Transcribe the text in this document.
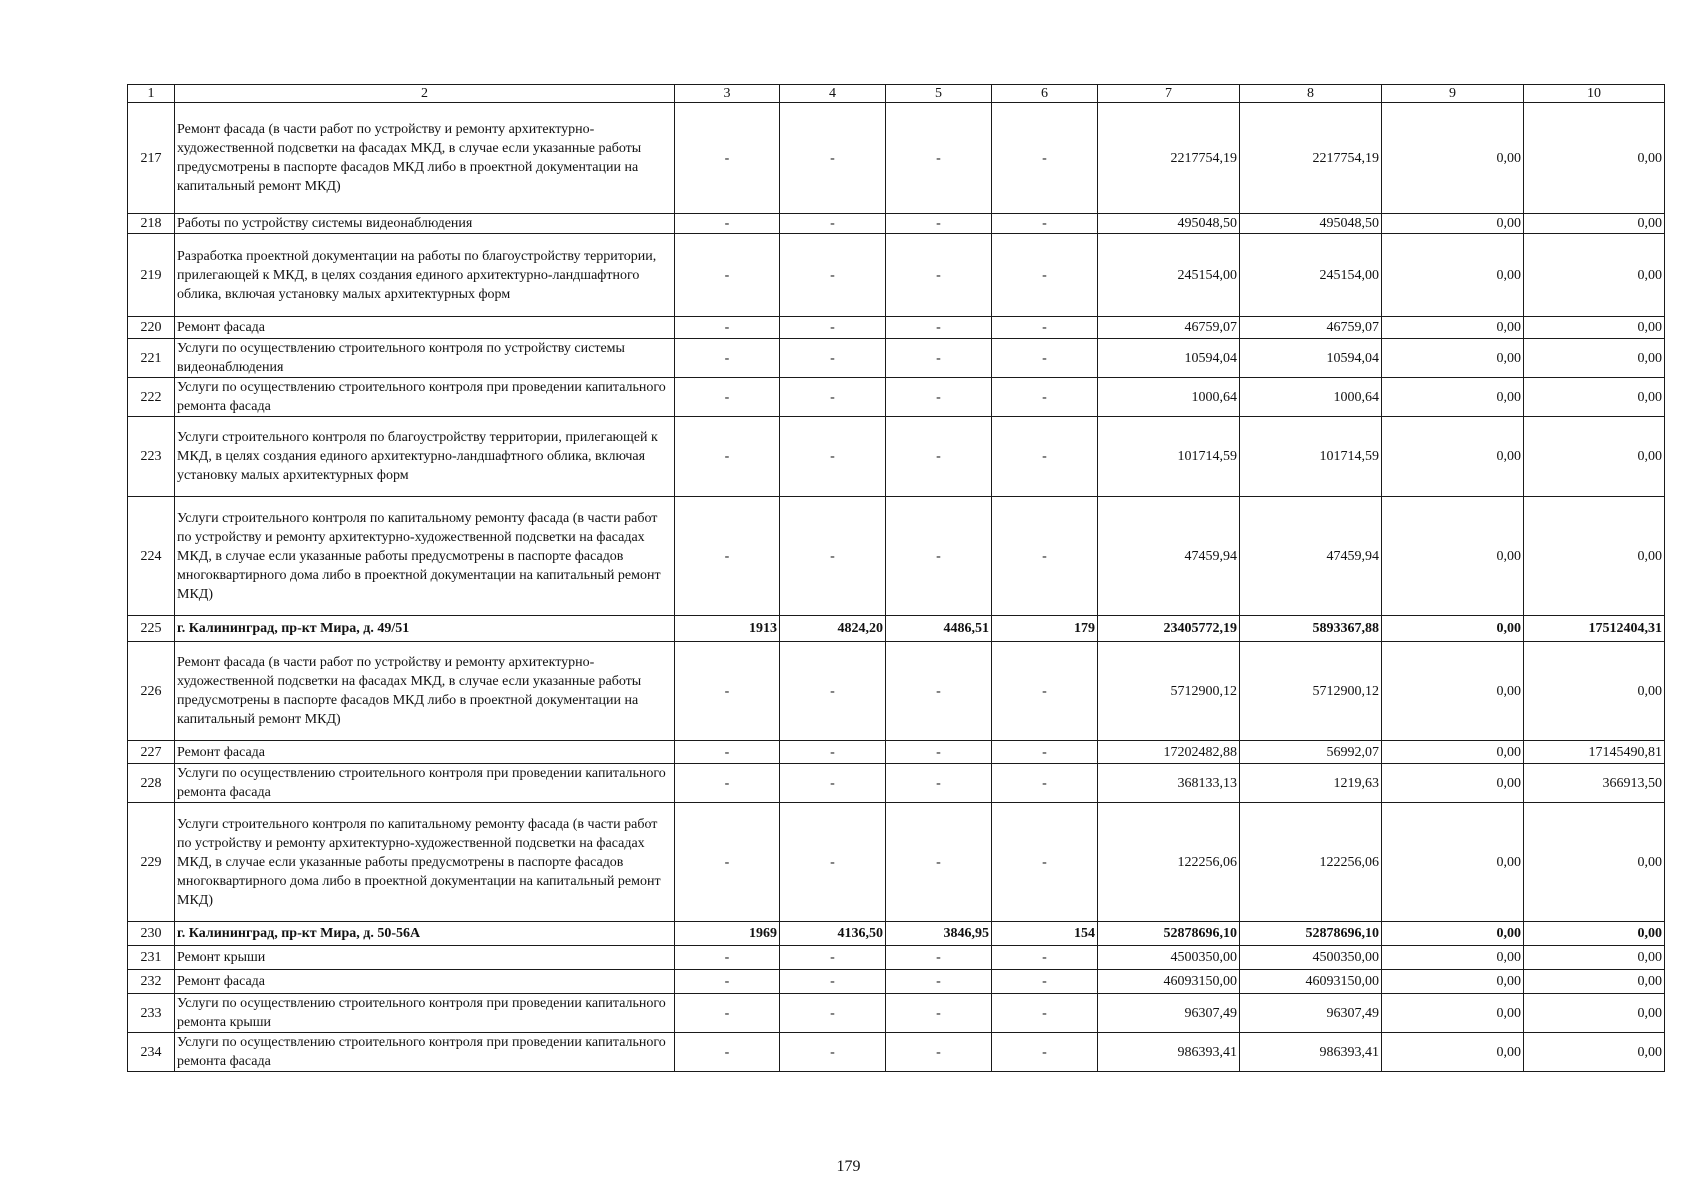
1	2	3	4	5	6	7	8	9	10
217	Ремонт фасада (в части работ по устройству и ремонту архитектурно-художественной подсветки на фасадах МКД, в случае если указанные работы предусмотрены в паспорте фасадов МКД либо в проектной документации на капитальный ремонт МКД)	-	-	-	-	2217754,19	2217754,19	0,00	0,00
218	Работы по устройству системы видеонаблюдения	-	-	-	-	495048,50	495048,50	0,00	0,00
219	Разработка проектной документации на работы по благоустройству территории, прилегающей к МКД, в целях создания единого архитектурно-ландшафтного облика, включая установку малых архитектурных форм	-	-	-	-	245154,00	245154,00	0,00	0,00
220	Ремонт фасада	-	-	-	-	46759,07	46759,07	0,00	0,00
221	Услуги по осуществлению строительного контроля по устройству системы видеонаблюдения	-	-	-	-	10594,04	10594,04	0,00	0,00
222	Услуги по осуществлению строительного контроля при проведении капитального ремонта фасада	-	-	-	-	1000,64	1000,64	0,00	0,00
223	Услуги строительного контроля по благоустройству территории, прилегающей к МКД, в целях создания единого архитектурно-ландшафтного облика, включая установку малых архитектурных форм	-	-	-	-	101714,59	101714,59	0,00	0,00
224	Услуги строительного контроля по капитальному ремонту фасада (в части работ по устройству и ремонту архитектурно-художественной подсветки на фасадах МКД, в случае если указанные работы предусмотрены в паспорте фасадов многоквартирного дома либо в проектной документации на капитальный ремонт МКД)	-	-	-	-	47459,94	47459,94	0,00	0,00
225	г. Калининград, пр-кт Мира, д. 49/51	1913	4824,20	4486,51	179	23405772,19	5893367,88	0,00	17512404,31
226	Ремонт фасада (в части работ по устройству и ремонту архитектурно-художественной подсветки на фасадах МКД, в случае если указанные работы предусмотрены в паспорте фасадов МКД либо в проектной документации на капитальный ремонт МКД)	-	-	-	-	5712900,12	5712900,12	0,00	0,00
227	Ремонт фасада	-	-	-	-	17202482,88	56992,07	0,00	17145490,81
228	Услуги по осуществлению строительного контроля при проведении капитального ремонта фасада	-	-	-	-	368133,13	1219,63	0,00	366913,50
229	Услуги строительного контроля по капитальному ремонту фасада (в части работ по устройству и ремонту архитектурно-художественной подсветки на фасадах МКД, в случае если указанные работы предусмотрены в паспорте фасадов многоквартирного дома либо в проектной документации на капитальный ремонт МКД)	-	-	-	-	122256,06	122256,06	0,00	0,00
230	г. Калининград, пр-кт Мира, д. 50-56А	1969	4136,50	3846,95	154	52878696,10	52878696,10	0,00	0,00
231	Ремонт крыши	-	-	-	-	4500350,00	4500350,00	0,00	0,00
232	Ремонт фасада	-	-	-	-	46093150,00	46093150,00	0,00	0,00
233	Услуги по осуществлению строительного контроля при проведении капитального ремонта крыши	-	-	-	-	96307,49	96307,49	0,00	0,00
234	Услуги по осуществлению строительного контроля при проведении капитального ремонта фасада	-	-	-	-	986393,41	986393,41	0,00	0,00
179
